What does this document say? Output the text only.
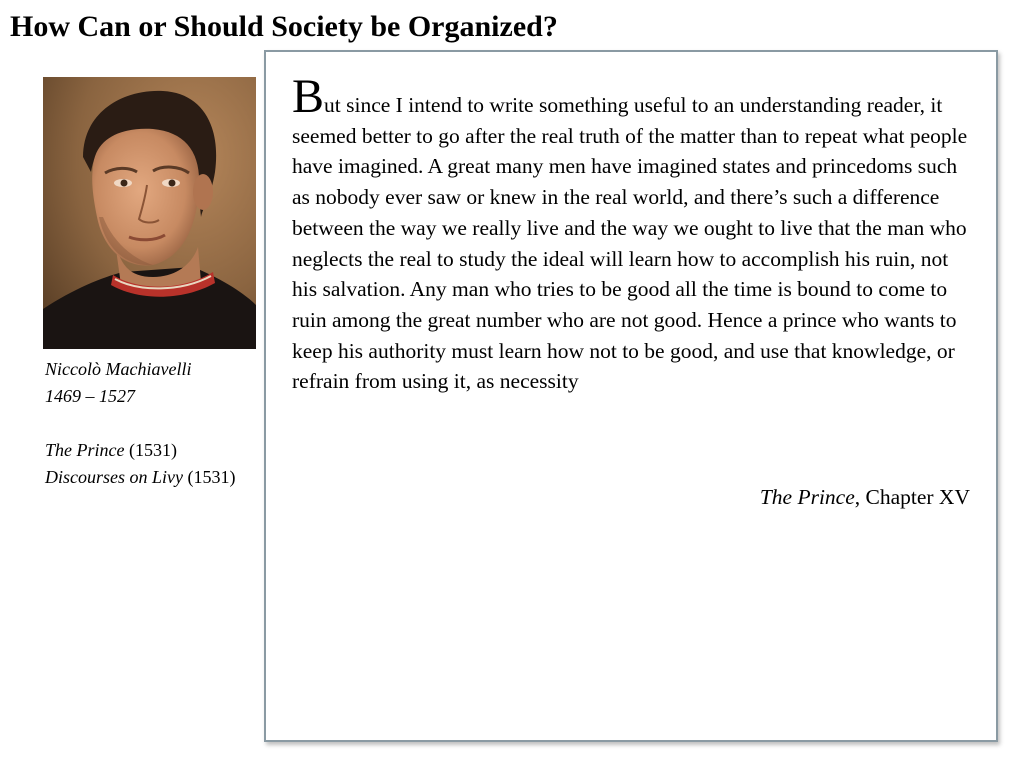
How Can or Should Society be Organized?
Niccolò Machiavelli
1469 – 1527
The Prince (1531)
Discourses on Livy (1531)
But since I intend to write something useful to an understanding reader, it seemed better to go after the real truth of the matter than to repeat what people have imagined. A great many men have imagined states and princedoms such as nobody ever saw or knew in the real world, and there’s such a difference between the way we really live and the way we ought to live that the man who neglects the real to study the ideal will learn how to accomplish his ruin, not his salvation. Any man who tries to be good all the time is bound to come to ruin among the great number who are not good. Hence a prince who wants to keep his authority must learn how not to be good, and use that knowledge, or refrain from using it, as necessity
The Prince, Chapter XV
